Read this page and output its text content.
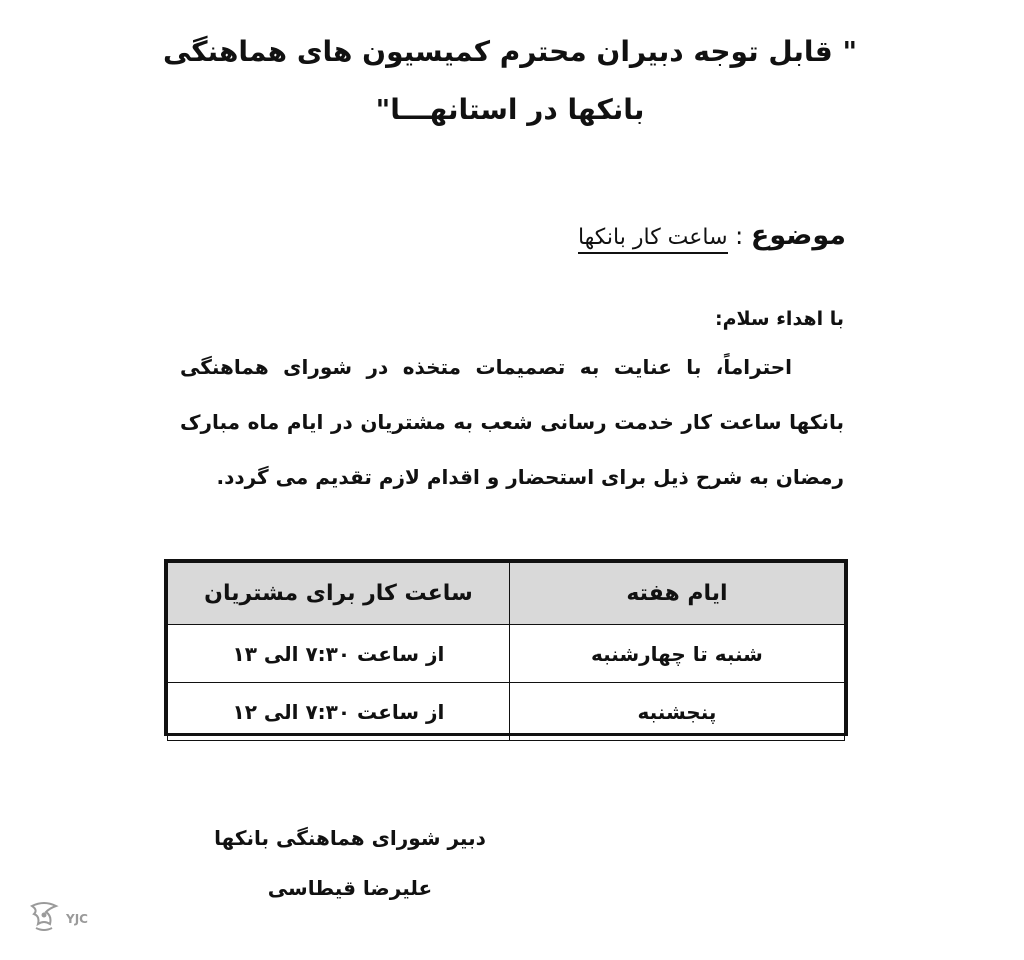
" قابل توجه دبیران محترم کمیسیون های هماهنگی
بانکها در استانهـــا"
موضوع : ساعت کار بانکها
با اهداء سلام:
احتراماً، با عنایت به تصمیمات متخذه در شورای هماهنگی
بانکها ساعت کار خدمت رسانی شعب به مشتریان در ایام ماه مبارک
رمضان به شرح ذیل برای استحضار و اقدام لازم تقدیم می گردد.
ایام هفته	ساعت کار برای مشتریان
شنبه تا چهارشنبه	از ساعت ۷:۳۰ الی ۱۳
پنجشنبه	از ساعت ۷:۳۰ الی ۱۲
دبیر شورای هماهنگی بانکها
علیرضا قیطاسی
YJC
